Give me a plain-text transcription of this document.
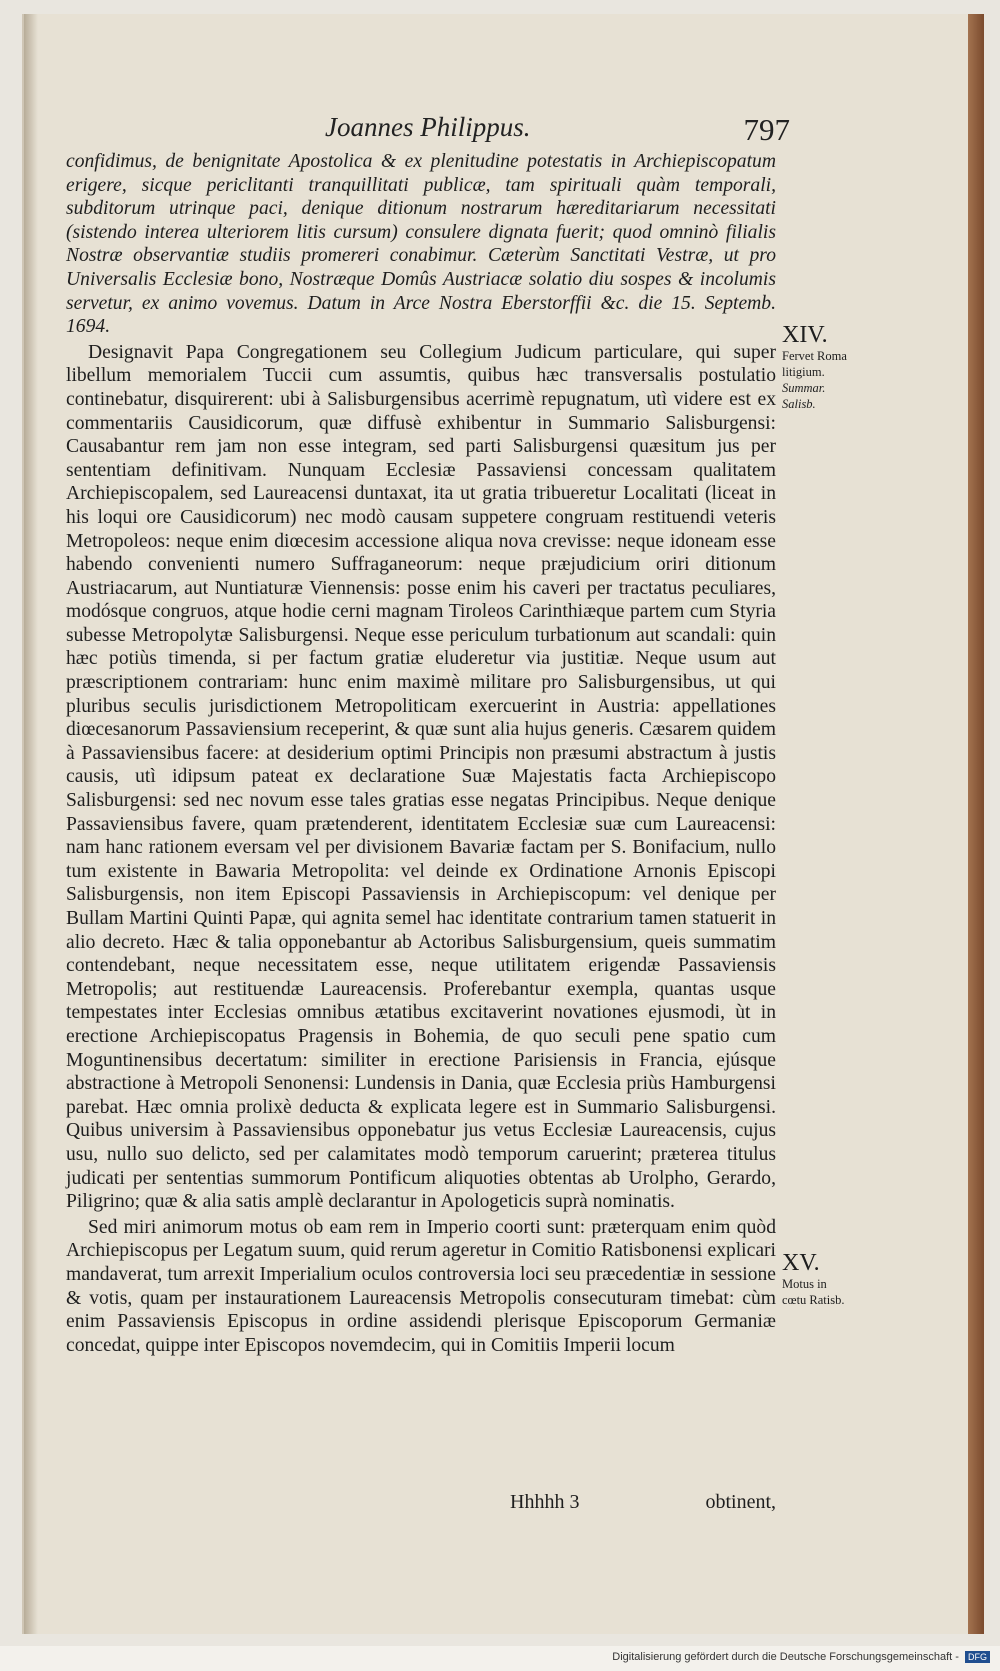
Joannes Philippus.	797

confidimus, de benignitate Apostolica & ex plenitudine potestatis in Archiepiscopatum erigere, sicque periclitanti tranquillitati publicæ, tam spirituali quàm temporali, subditorum utrinque paci, denique ditionum nostrarum hæreditariarum necessitati (sistendo interea ulteriorem litis cursum) consulere dignata fuerit; quod omninò filialis Nostræ observantiæ studiis promereri conabimur. Cæterùm Sanctitati Vestræ, ut pro Universalis Ecclesiæ bono, Nostræque Domûs Austriacæ solatio diu sospes & incolumis servetur, ex animo vovemus. Datum in Arce Nostra Eberstorffii &c. die 15. Septemb. 1694.

Designavit Papa Congregationem seu Collegium Judicum particulare, qui super libellum memorialem Tuccii cum assumtis, quibus hæc transversalis postulatio continebatur, disquirerent: ubi à Salisburgensibus acerrimè repugnatum, utì videre est ex commentariis Causidicorum, quæ diffusè exhibentur in Summario Salisburgensi: Causabantur rem jam non esse integram, sed parti Salisburgensi quæsitum jus per sententiam definitivam. Nunquam Ecclesiæ Passaviensi concessam qualitatem Archiepiscopalem, sed Laureacensi duntaxat, ita ut gratia tribueretur Localitati (liceat in his loqui ore Causidicorum) nec modò causam suppetere congruam restituendi veteris Metropoleos: neque enim diœcesim accessione aliqua nova crevisse: neque idoneam esse habendo convenienti numero Suffraganeorum: neque præjudicium oriri ditionum Austriacarum, aut Nuntiaturæ Viennensis: posse enim his caveri per tractatus peculiares, modósque congruos, atque hodie cerni magnam Tiroleos Carinthiæque partem cum Styria subesse Metropolytæ Salisburgensi. Neque esse periculum turbationum aut scandali: quin hæc potiùs timenda, si per factum gratiæ eluderetur via justitiæ. Neque usum aut præscriptionem contrariam: hunc enim maximè militare pro Salisburgensibus, ut qui pluribus seculis jurisdictionem Metropoliticam exercuerint in Austria: appellationes diœcesanorum Passaviensium receperint, & quæ sunt alia hujus generis. Cæsarem quidem à Passaviensibus facere: at desiderium optimi Principis non præsumi abstractum à justis causis, utì idipsum pateat ex declaratione Suæ Majestatis facta Archiepiscopo Salisburgensi: sed nec novum esse tales gratias esse negatas Principibus. Neque denique Passaviensibus favere, quam prætenderent, identitatem Ecclesiæ suæ cum Laureacensi: nam hanc rationem eversam vel per divisionem Bavariæ factam per S. Bonifacium, nullo tum existente in Bawaria Metropolita: vel deinde ex Ordinatione Arnonis Episcopi Salisburgensis, non item Episcopi Passaviensis in Archiepiscopum: vel denique per Bullam Martini Quinti Papæ, qui agnita semel hac identitate contrarium tamen statuerit in alio decreto. Hæc & talia opponebantur ab Actoribus Salisburgensium, queis summatim contendebant, neque necessitatem esse, neque utilitatem erigendæ Passaviensis Metropolis; aut restituendæ Laureacensis. Proferebantur exempla, quantas usque tempestates inter Ecclesias omnibus ætatibus excitaverint novationes ejusmodi, ùt in erectione Archiepiscopatus Pragensis in Bohemia, de quo seculi pene spatio cum Moguntinensibus decertatum: similiter in erectione Parisiensis in Francia, ejúsque abstractione à Metropoli Senonensi: Lundensis in Dania, quæ Ecclesia priùs Hamburgensi parebat. Hæc omnia prolixè deducta & explicata legere est in Summario Salisburgensi. Quibus universim à Passaviensibus opponebatur jus vetus Ecclesiæ Laureacensis, cujus usu, nullo suo delicto, sed per calamitates modò temporum caruerint; præterea titulus judicati per sententias summorum Pontificum aliquoties obtentas ab Urolpho, Gerardo, Piligrino; quæ & alia satis amplè declarantur in Apologeticis suprà nominatis.

Sed miri animorum motus ob eam rem in Imperio coorti sunt: præterquam enim quòd Archiepiscopus per Legatum suum, quid rerum ageretur in Comitio Ratisbonensi explicari mandaverat, tum arrexit Imperialium oculos controversia loci seu præcedentiæ in sessione & votis, quam per instaurationem Laureacensis Metropolis consecuturam timebat: cùm enim Passaviensis Episcopus in ordine assidendi plerisque Episcoporum Germaniæ concedat, quippe inter Episcopos novemdecim, qui in Comitiis Imperii locum

XIV.
Fervet Roma
litigium.
Summar.
Salisb.
XV.
Motus in
cœtu Ratisb.
Hhhhh 3	obtinent,
Digitalisierung gefördert durch die Deutsche Forschungsgemeinschaft - DFG
